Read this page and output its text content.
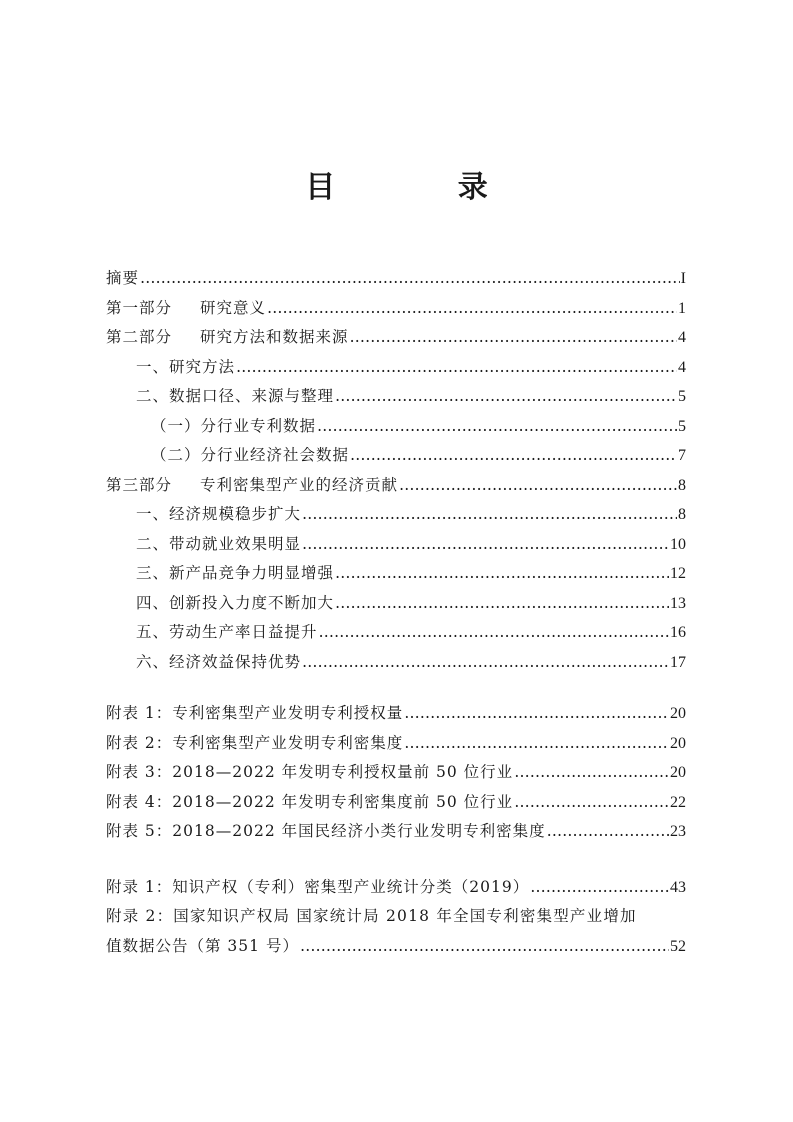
目 录
摘要 …………………………………………………………………………………………………………………………………………………………	I
第一部分 研究意义 …………………………………………………………………………………………………………………………………………………………	1
第二部分 研究方法和数据来源 …………………………………………………………………………………………………………………………………………………………	4
一、研究方法 …………………………………………………………………………………………………………………………………………………………	4
二、数据口径、来源与整理 …………………………………………………………………………………………………………………………………………………………	5
（一）分行业专利数据 …………………………………………………………………………………………………………………………………………………………	5
（二）分行业经济社会数据 …………………………………………………………………………………………………………………………………………………………	7
第三部分 专利密集型产业的经济贡献 …………………………………………………………………………………………………………………………………………………………	8
一、经济规模稳步扩大 …………………………………………………………………………………………………………………………………………………………	8
二、带动就业效果明显 …………………………………………………………………………………………………………………………………………………………	10
三、新产品竞争力明显增强 …………………………………………………………………………………………………………………………………………………………	12
四、创新投入力度不断加大 …………………………………………………………………………………………………………………………………………………………	13
五、劳动生产率日益提升 …………………………………………………………………………………………………………………………………………………………	16
六、经济效益保持优势 …………………………………………………………………………………………………………………………………………………………	17
附表 1：专利密集型产业发明专利授权量 …………………………………………………………………………………………………………………………………………………………	20
附表 2：专利密集型产业发明专利密集度 …………………………………………………………………………………………………………………………………………………………	20
附表 3：2018—2022 年发明专利授权量前 50 位行业 …………………………………………………………………………………………………………………………………………………………	20
附表 4：2018—2022 年发明专利密集度前 50 位行业 …………………………………………………………………………………………………………………………………………………………	22
附表 5：2018—2022 年国民经济小类行业发明专利密集度 …………………………………………………………………………………………………………………………………………………………	23
附录 1：知识产权（专利）密集型产业统计分类（2019） …………………………………………………………………………………………………………………………………………………………	43
附录 2：国家知识产权局 国家统计局 2018 年全国专利密集型产业增加
值数据公告（第 351 号） …………………………………………………………………………………………………………………………………………………………	52
